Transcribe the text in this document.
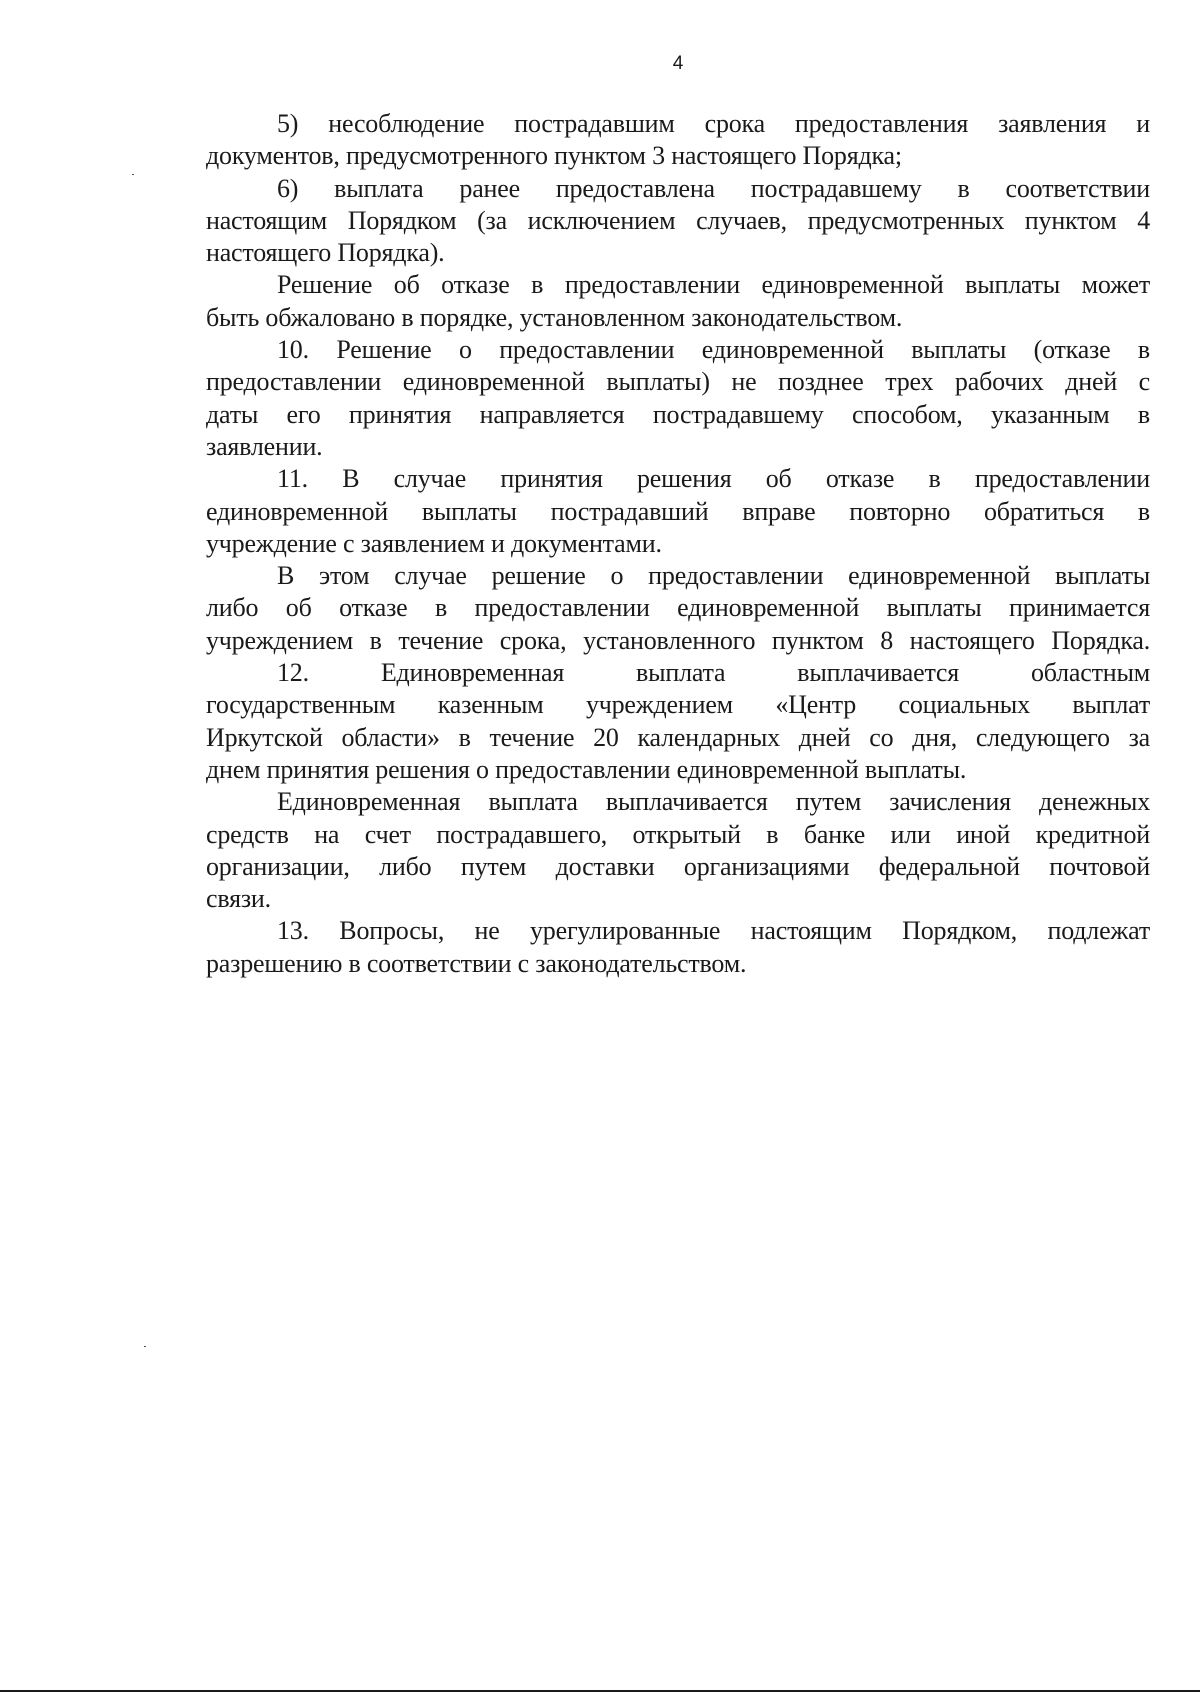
4
5) несоблюдение пострадавшим срока предоставления заявления и
документов, предусмотренного пунктом 3 настоящего Порядка;
6) выплата ранее предоставлена пострадавшему в соответствии
настоящим Порядком (за исключением случаев, предусмотренных пунктом 4
настоящего Порядка).
Решение об отказе в предоставлении единовременной выплаты может
быть обжаловано в порядке, установленном законодательством.
10. Решение о предоставлении единовременной выплаты (отказе в
предоставлении единовременной выплаты) не позднее трех рабочих дней с
даты его принятия направляется пострадавшему способом, указанным в
заявлении.
11. В случае принятия решения об отказе в предоставлении
единовременной выплаты пострадавший вправе повторно обратиться в
учреждение с заявлением и документами.
В этом случае решение о предоставлении единовременной выплаты
либо об отказе в предоставлении единовременной выплаты принимается
учреждением в течение срока, установленного пунктом 8 настоящего Порядка.
12. Единовременная выплата выплачивается областным
государственным казенным учреждением «Центр социальных выплат
Иркутской области» в течение 20 календарных дней со дня, следующего за
днем принятия решения о предоставлении единовременной выплаты.
Единовременная выплата выплачивается путем зачисления денежных
средств на счет пострадавшего, открытый в банке или иной кредитной
организации, либо путем доставки организациями федеральной почтовой
связи.
13. Вопросы, не урегулированные настоящим Порядком, подлежат
разрешению в соответствии с законодательством.
